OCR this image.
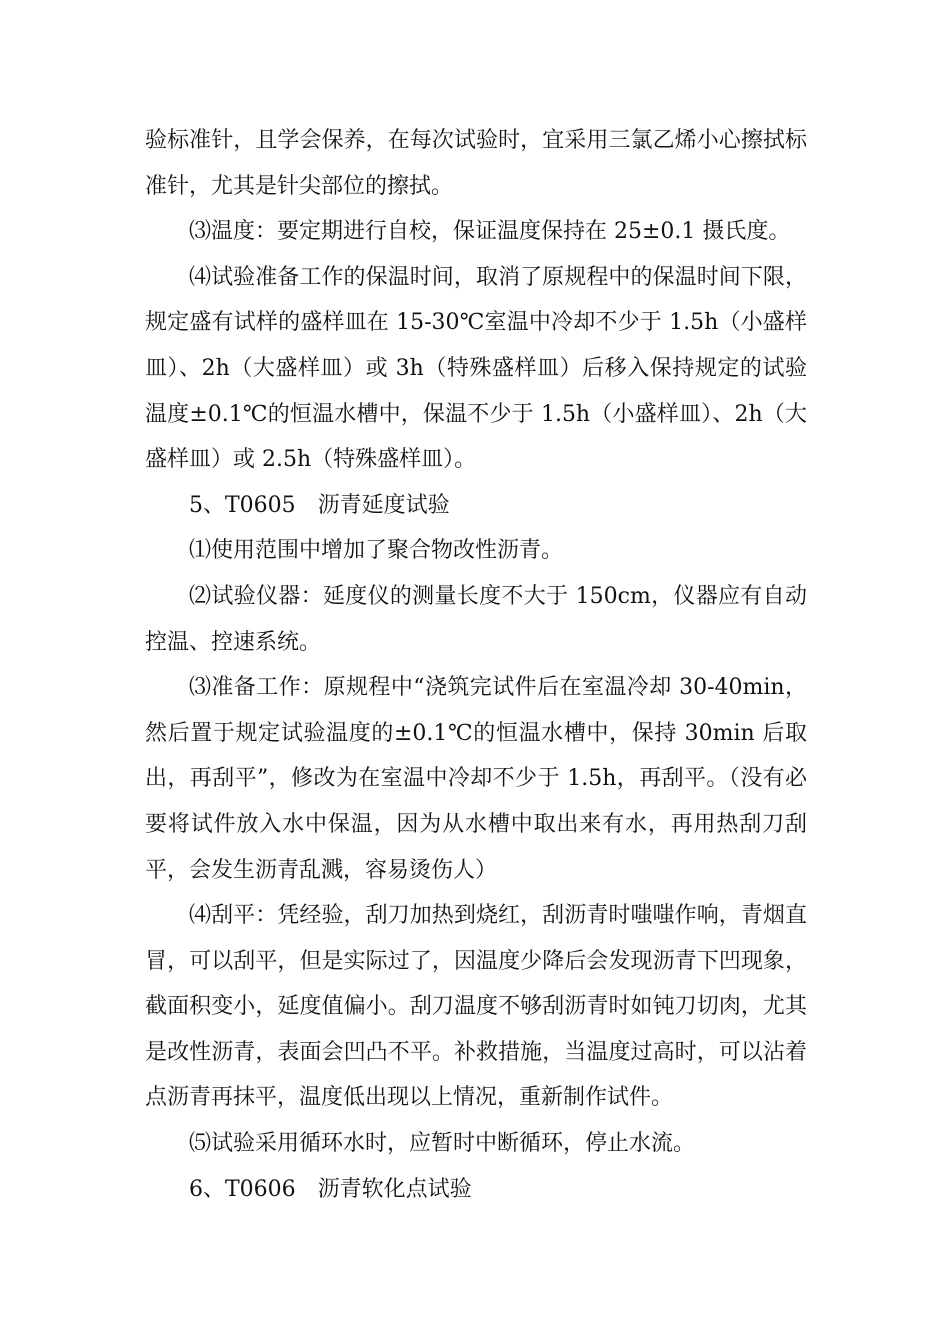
验标准针，且学会保养，在每次试验时，宜采用三氯乙烯小心擦拭标准针，尤其是针尖部位的擦拭。

⑶温度：要定期进行自校，保证温度保持在 25±0.1 摄氏度。

⑷试验准备工作的保温时间，取消了原规程中的保温时间下限，规定盛有试样的盛样皿在 15-30℃室温中冷却不少于 1.5h（小盛样皿）、2h（大盛样皿）或 3h（特殊盛样皿）后移入保持规定的试验温度±0.1℃的恒温水槽中，保温不少于 1.5h（小盛样皿）、2h（大盛样皿）或 2.5h（特殊盛样皿）。

5、T0605　沥青延度试验

⑴使用范围中增加了聚合物改性沥青。

⑵试验仪器：延度仪的测量长度不大于 150cm，仪器应有自动控温、控速系统。

⑶准备工作：原规程中“浇筑完试件后在室温冷却 30-40min，然后置于规定试验温度的±0.1℃的恒温水槽中，保持 30min 后取出，再刮平”，修改为在室温中冷却不少于 1.5h，再刮平。（没有必要将试件放入水中保温，因为从水槽中取出来有水，再用热刮刀刮平，会发生沥青乱溅，容易烫伤人）

⑷刮平：凭经验，刮刀加热到烧红，刮沥青时嗤嗤作响，青烟直冒，可以刮平，但是实际过了，因温度少降后会发现沥青下凹现象，截面积变小，延度值偏小。刮刀温度不够刮沥青时如钝刀切肉，尤其是改性沥青，表面会凹凸不平。补救措施，当温度过高时，可以沾着点沥青再抹平，温度低出现以上情况，重新制作试件。

⑸试验采用循环水时，应暂时中断循环，停止水流。

6、T0606　沥青软化点试验
